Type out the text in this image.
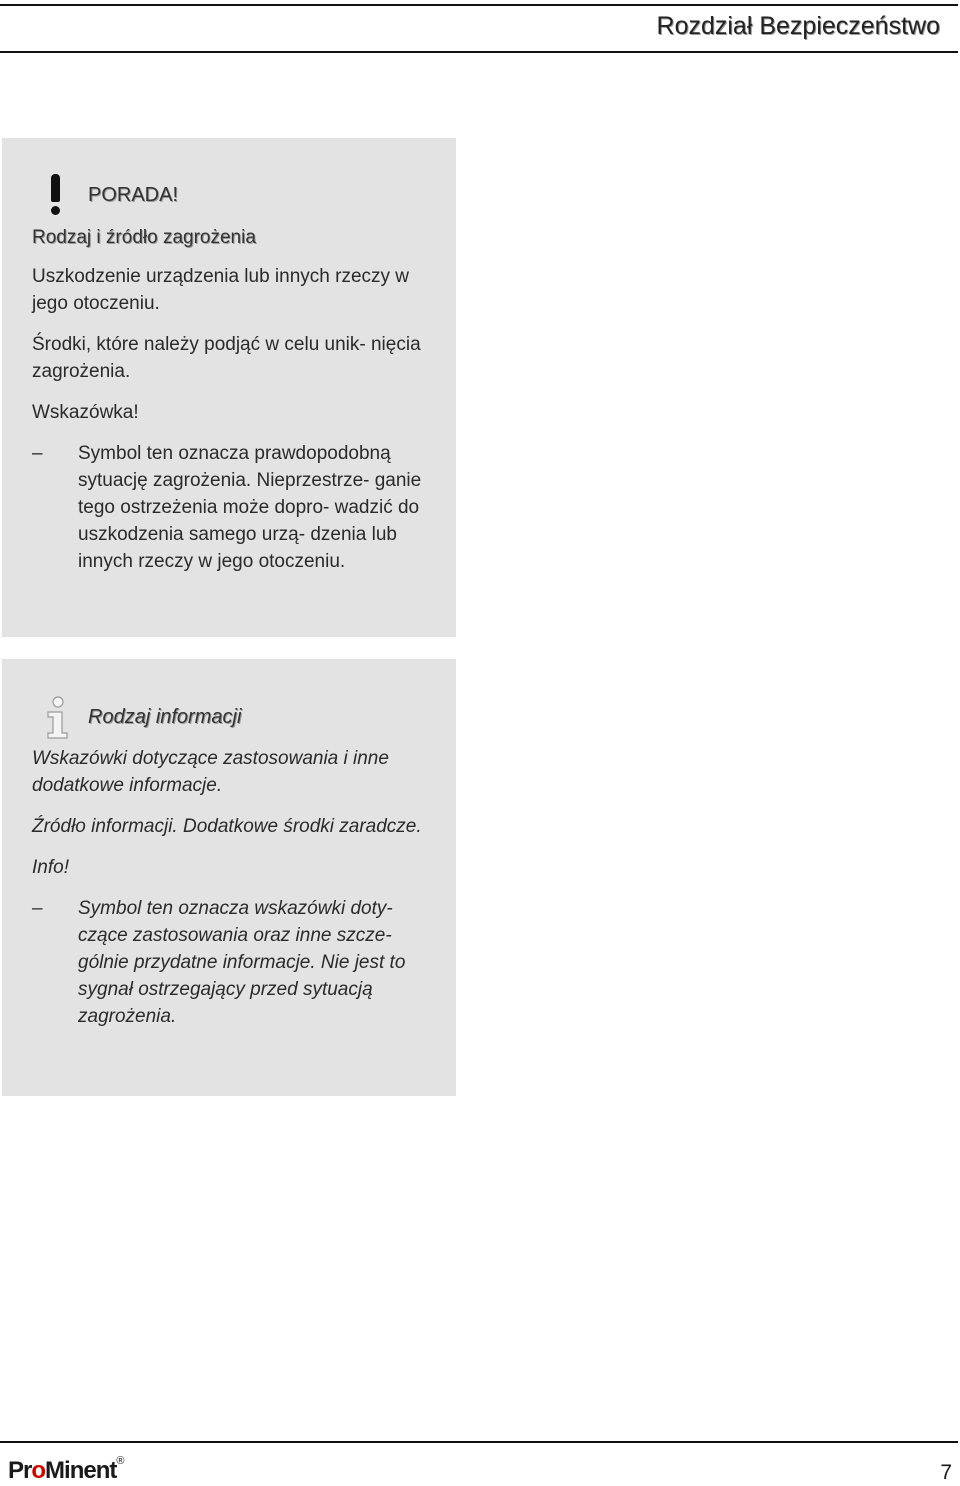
Rozdział Bezpieczeństwo
PORADA!

Rodzaj i źródło zagrożenia

Uszkodzenie urządzenia lub innych rzeczy w jego otoczeniu.

Środki, które należy podjąć w celu unik- nięcia zagrożenia.

Wskazówka!

–	Symbol ten oznacza prawdopodobną sytuację zagrożenia. Nieprzestrze- ganie tego ostrzeżenia może dopro- wadzić do uszkodzenia samego urzą- dzenia lub innych rzeczy w jego otoczeniu.
Rodzaj informacji

Wskazówki dotyczące zastosowania i inne dodatkowe informacje.

Źródło informacji. Dodatkowe środki zaradcze.

Info!

–	Symbol ten oznacza wskazówki doty- czące zastosowania oraz inne szcze- gólnie przydatne informacje. Nie jest to sygnał ostrzegający przed sytuacją zagrożenia.
ProMinent®	7
